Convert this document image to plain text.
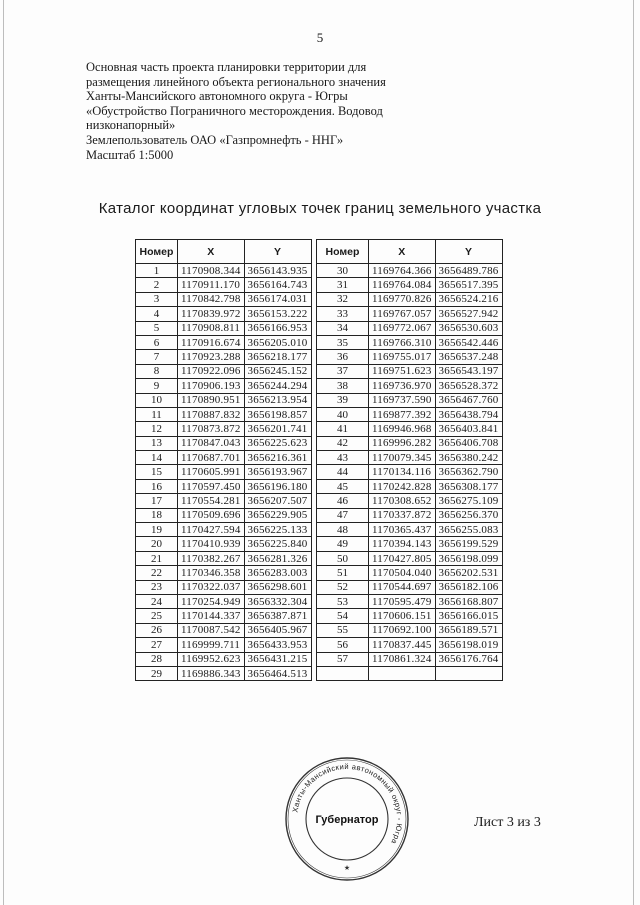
5
Основная часть проекта планировки территории для
размещения линейного объекта регионального значения
Ханты-Мансийского автономного округа - Югры
«Обустройство Пограничного месторождения. Водовод
низконапорный»
Землепользователь ОАО «Газпромнефть - ННГ»
Масштаб 1:5000
Каталог координат угловых точек границ земельного участка
Номер	X	Y
1	1170908.344	3656143.935
2	1170911.170	3656164.743
3	1170842.798	3656174.031
4	1170839.972	3656153.222
5	1170908.811	3656166.953
6	1170916.674	3656205.010
7	1170923.288	3656218.177
8	1170922.096	3656245.152
9	1170906.193	3656244.294
10	1170890.951	3656213.954
11	1170887.832	3656198.857
12	1170873.872	3656201.741
13	1170847.043	3656225.623
14	1170687.701	3656216.361
15	1170605.991	3656193.967
16	1170597.450	3656196.180
17	1170554.281	3656207.507
18	1170509.696	3656229.905
19	1170427.594	3656225.133
20	1170410.939	3656225.840
21	1170382.267	3656281.326
22	1170346.358	3656283.003
23	1170322.037	3656298.601
24	1170254.949	3656332.304
25	1170144.337	3656387.871
26	1170087.542	3656405.967
27	1169999.711	3656433.953
28	1169952.623	3656431.215
29	1169886.343	3656464.513
Номер	X	Y
30	1169764.366	3656489.786
31	1169764.084	3656517.395
32	1169770.826	3656524.216
33	1169767.057	3656527.942
34	1169772.067	3656530.603
35	1169766.310	3656542.446
36	1169755.017	3656537.248
37	1169751.623	3656543.197
38	1169736.970	3656528.372
39	1169737.590	3656467.760
40	1169877.392	3656438.794
41	1169946.968	3656403.841
42	1169996.282	3656406.708
43	1170079.345	3656380.242
44	1170134.116	3656362.790
45	1170242.828	3656308.177
46	1170308.652	3656275.109
47	1170337.872	3656256.370
48	1170365.437	3656255.083
49	1170394.143	3656199.529
50	1170427.805	3656198.099
51	1170504.040	3656202.531
52	1170544.697	3656182.106
53	1170595.479	3656168.807
54	1170606.151	3656166.015
55	1170692.100	3656189.571
56	1170837.445	3656198.019
57	1170861.324	3656176.764

Ханты-Мансийский автономный округ - Югра
Губернатор
★
Лист 3 из 3
